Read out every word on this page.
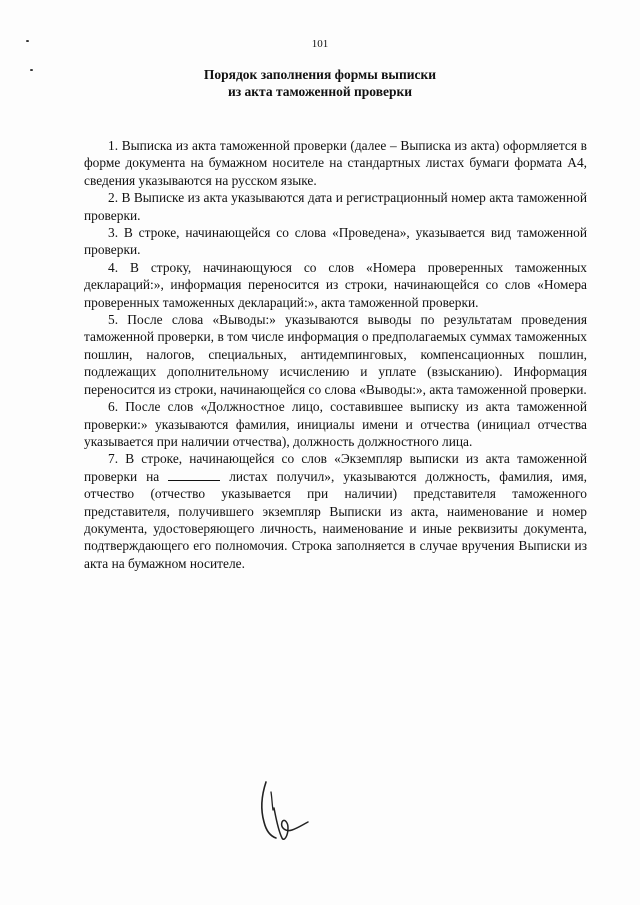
101
Порядок заполнения формы выписки
из акта таможенной проверки

1. Выписка из акта таможенной проверки (далее – Выписка из акта) оформляется в форме документа на бумажном носителе на стандартных листах бумаги формата А4, сведения указываются на русском языке.

2. В Выписке из акта указываются дата и регистрационный номер акта таможенной проверки.

3. В строке, начинающейся со слова «Проведена», указывается вид таможенной проверки.

4. В строку, начинающуюся со слов «Номера проверенных таможенных деклараций:», информация переносится из строки, начинающейся со слов «Номера проверенных таможенных деклараций:», акта таможенной проверки.

5. После слова «Выводы:» указываются выводы по результатам проведения таможенной проверки, в том числе информация о предполагаемых суммах таможенных пошлин, налогов, специальных, антидемпинговых, компенсационных пошлин, подлежащих дополнительному исчислению и уплате (взысканию). Информация переносится из строки, начинающейся со слова «Выводы:», акта таможенной проверки.

6. После слов «Должностное лицо, составившее выписку из акта таможенной проверки:» указываются фамилия, инициалы имени и отчества (инициал отчества указывается при наличии отчества), должность должностного лица.

7. В строке, начинающейся со слов «Экземпляр выписки из акта таможенной проверки на	листах получил», указываются должность, фамилия, имя, отчество (отчество указывается при наличии) представителя таможенного представителя, получившего экземпляр Выписки из акта, наименование и номер документа, удостоверяющего личность, наименование и иные реквизиты документа, подтверждающего его полномочия. Строка заполняется в случае вручения Выписки из акта на бумажном носителе.
